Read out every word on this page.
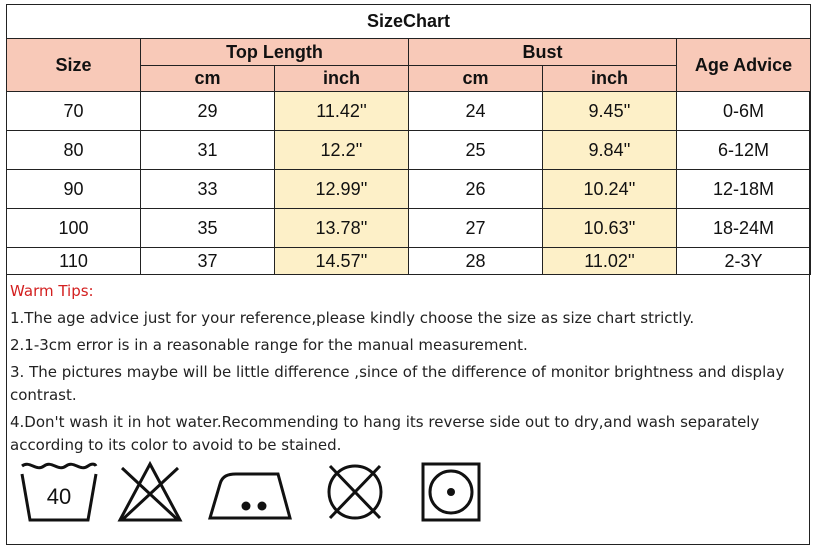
SizeChart					
Size	Top Length		Bust		Age Advice
	cm	inch	cm	inch	
70	29	11.42''	24	9.45''	0-6M
80	31	12.2''	25	9.84''	6-12M
90	33	12.99''	26	10.24''	12-18M
100	35	13.78''	27	10.63''	18-24M
110	37	14.57''	28	11.02''	2-3Y

Warm Tips:

1.The age advice just for your reference,please kindly choose the size as size chart strictly.

2.1-3cm error is in a reasonable range for the manual measurement.

3. The pictures maybe will be little difference ,since of the difference of monitor brightness and display contrast.

4.Don't wash it in hot water.Recommending to hang its reverse side out to dry,and wash separately according to its color to avoid to be stained.

40
